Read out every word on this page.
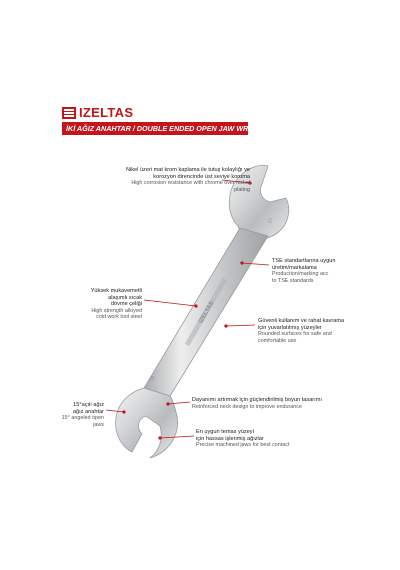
IZELTAS
İKİ AĞIZ ANAHTAR / DOUBLE ENDED OPEN JAW WRENCH
IZELTAS
Nikel üzeri mat krom kaplama ile tutuş kolaylığı ve
korozyon direncinde üst seviye koruma
High corrosion resistance with chrome over nickel plating
TSE standartlarına uygun
üretim/markalama
Production/marking acc
to TSE standards
Yüksek mukavemetli
alaşımlı sıcak
dövme çeliği
High strength alloyed
cold work tool steel
Güvenli kullanım ve rahat kavrama
için yuvarlatılmış yüzeyler
Rounded surfaces for safe and
comfortable use
Dayanımı artırmak için güçlendirilmiş boyun tasarımı
Reinforced neck design to improve endurance
15°açılı ağız
ağız anahtar
15° angeled open
jaws
En uygun temas yüzeyi
için hassas işlenmiş ağızlar
Precise machined jaws for best contact
17
19
